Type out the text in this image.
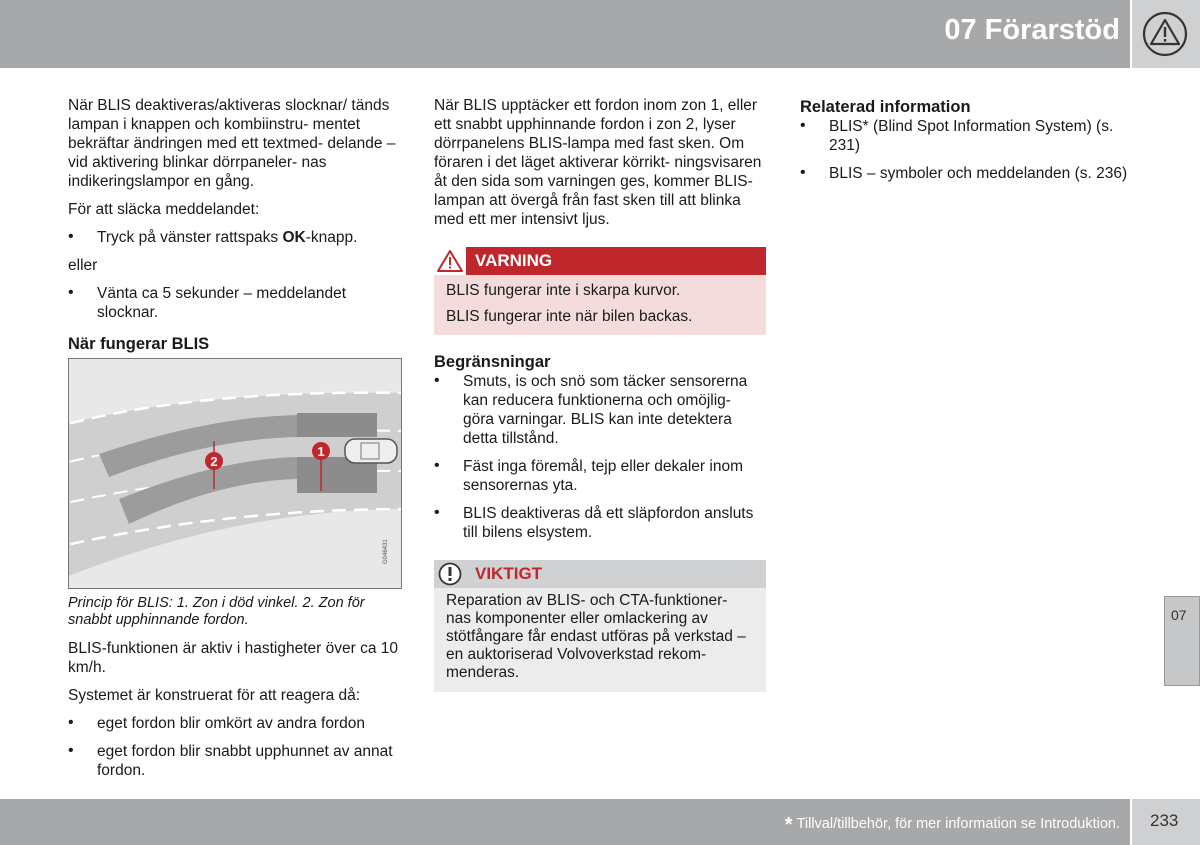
07 Förarstöd

När BLIS deaktiveras/aktiveras slocknar/ tänds lampan i knappen och kombiinstru- mentet bekräftar ändringen med ett textmed- delande – vid aktivering blinkar dörrpaneler- nas indikeringslampor en gång.

För att släcka meddelandet:

• Tryck på vänster rattspaks OK-knapp.

eller

• Vänta ca 5 sekunder – meddelandet slocknar.
När fungerar BLIS
1
2
G046431

Princip för BLIS: 1. Zon i död vinkel. 2. Zon för snabbt upphinnande fordon.

BLIS-funktionen är aktiv i hastigheter över ca 10 km/h.

Systemet är konstruerat för att reagera då:

• eget fordon blir omkört av andra fordon
• eget fordon blir snabbt upphunnet av annat fordon.

När BLIS upptäcker ett fordon inom zon 1, eller ett snabbt upphinnande fordon i zon 2, lyser dörrpanelens BLIS-lampa med fast sken. Om föraren i det läget aktiverar körrikt- ningsvisaren åt den sida som varningen ges, kommer BLIS-lampan att övergå från fast sken till att blinka med ett mer intensivt ljus.

VARNING

BLIS fungerar inte i skarpa kurvor.

BLIS fungerar inte när bilen backas.

Begränsningar
• Smuts, is och snö som täcker sensorerna kan reducera funktionerna och omöjlig- göra varningar. BLIS kan inte detektera detta tillstånd.
• Fäst inga föremål, tejp eller dekaler inom sensorernas yta.
• BLIS deaktiveras då ett släpfordon ansluts till bilens elsystem.
VIKTIGT
Reparation av BLIS- och CTA-funktioner- nas komponenter eller omlackering av stötfångare får endast utföras på verkstad – en auktoriserad Volvoverkstad rekom- menderas.
Relaterad information
• BLIS* (Blind Spot Information System) (s. 231)
• BLIS – symboler och meddelanden (s. 236)
07
* Tillval/tillbehör, för mer information se Introduktion. 233
